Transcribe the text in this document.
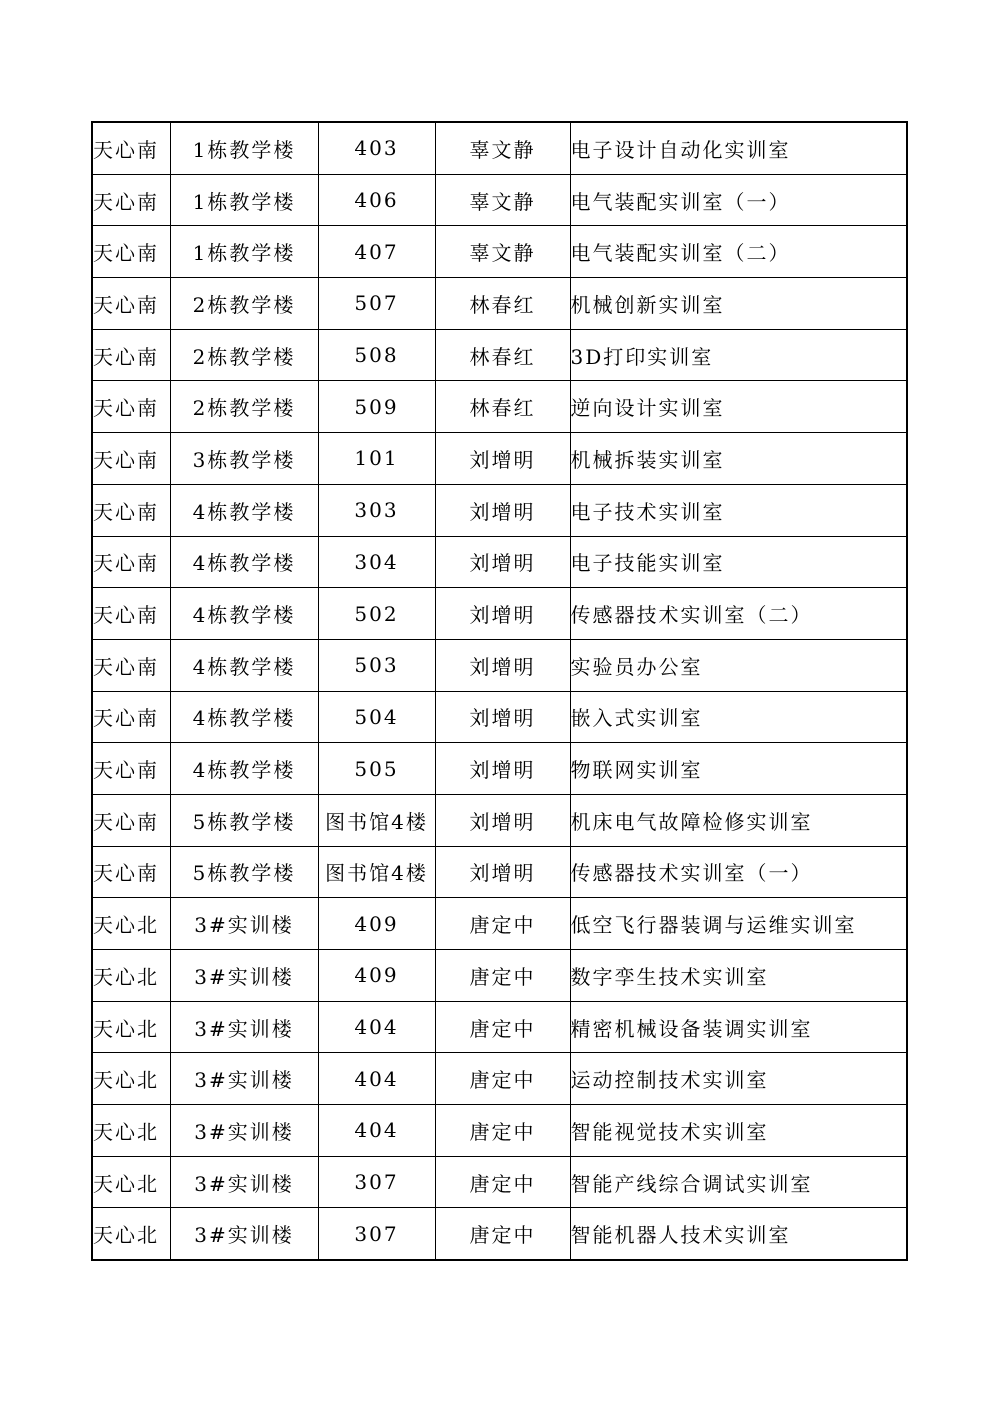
天心南	1栋教学楼	403	辜文静	电子设计自动化实训室
天心南	1栋教学楼	406	辜文静	电气装配实训室（一）
天心南	1栋教学楼	407	辜文静	电气装配实训室（二）
天心南	2栋教学楼	507	林春红	机械创新实训室
天心南	2栋教学楼	508	林春红	3D打印实训室
天心南	2栋教学楼	509	林春红	逆向设计实训室
天心南	3栋教学楼	101	刘增明	机械拆装实训室
天心南	4栋教学楼	303	刘增明	电子技术实训室
天心南	4栋教学楼	304	刘增明	电子技能实训室
天心南	4栋教学楼	502	刘增明	传感器技术实训室（二）
天心南	4栋教学楼	503	刘增明	实验员办公室
天心南	4栋教学楼	504	刘增明	嵌入式实训室
天心南	4栋教学楼	505	刘增明	物联网实训室
天心南	5栋教学楼	图书馆4楼	刘增明	机床电气故障检修实训室
天心南	5栋教学楼	图书馆4楼	刘增明	传感器技术实训室（一）
天心北	3#实训楼	409	唐定中	低空飞行器装调与运维实训室
天心北	3#实训楼	409	唐定中	数字孪生技术实训室
天心北	3#实训楼	404	唐定中	精密机械设备装调实训室
天心北	3#实训楼	404	唐定中	运动控制技术实训室
天心北	3#实训楼	404	唐定中	智能视觉技术实训室
天心北	3#实训楼	307	唐定中	智能产线综合调试实训室
天心北	3#实训楼	307	唐定中	智能机器人技术实训室
